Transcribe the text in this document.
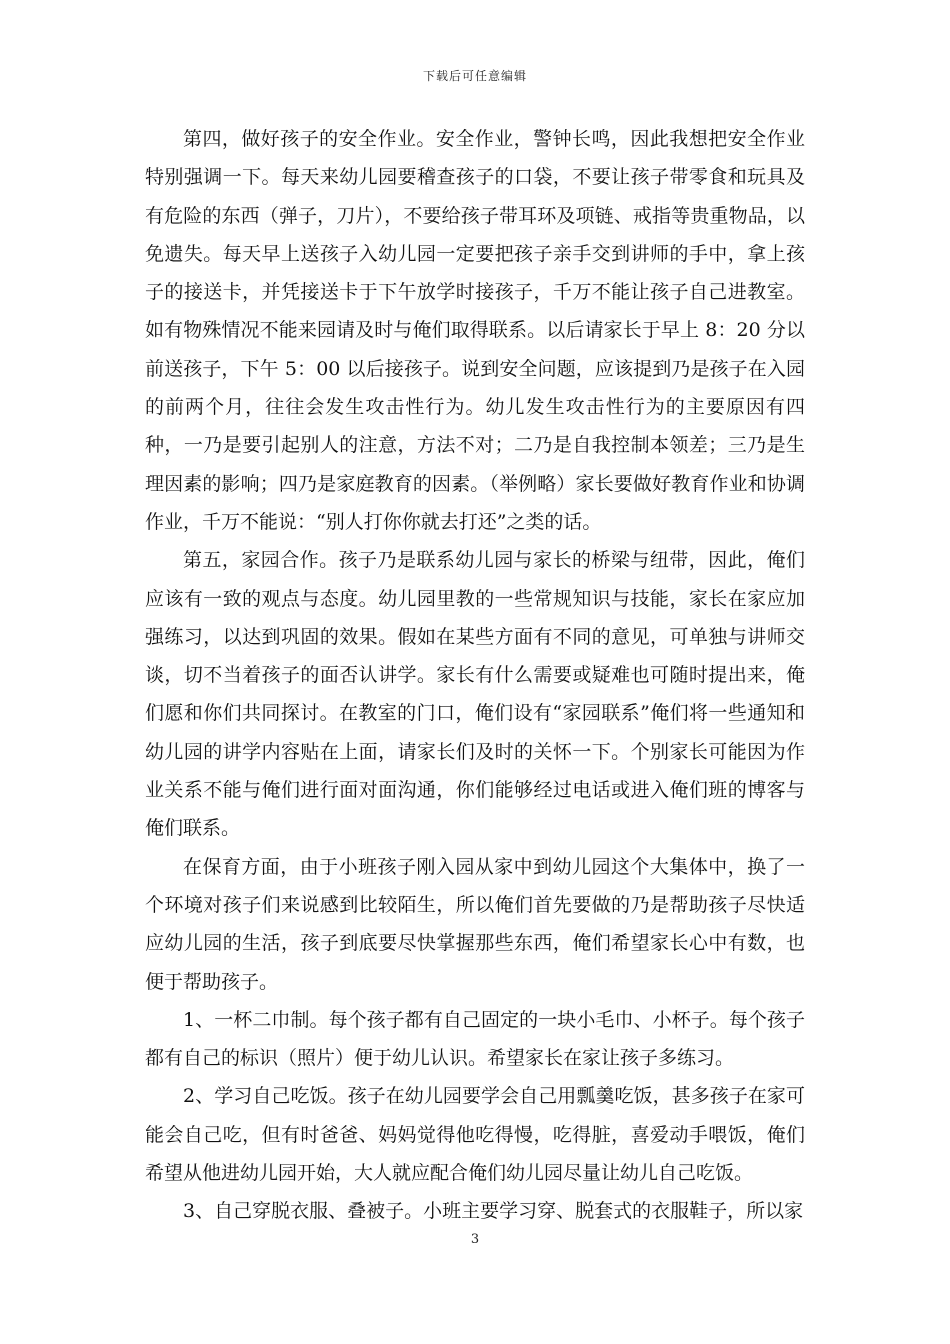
下载后可任意编辑

第四，做好孩子的安全作业。安全作业，警钟长鸣，因此我想把安全作业特别强调一下。每天来幼儿园要稽查孩子的口袋，不要让孩子带零食和玩具及有危险的东西（弹子，刀片），不要给孩子带耳环及项链、戒指等贵重物品，以免遗失。每天早上送孩子入幼儿园一定要把孩子亲手交到讲师的手中，拿上孩子的接送卡，并凭接送卡于下午放学时接孩子，千万不能让孩子自己进教室。如有物殊情况不能来园请及时与俺们取得联系。以后请家长于早上 8：20 分以前送孩子，下午 5：00 以后接孩子。说到安全问题，应该提到乃是孩子在入园的前两个月，往往会发生攻击性行为。幼儿发生攻击性行为的主要原因有四种，一乃是要引起别人的注意，方法不对；二乃是自我控制本领差；三乃是生理因素的影响；四乃是家庭教育的因素。（举例略）家长要做好教育作业和协调作业，千万不能说：“别人打你你就去打还”之类的话。

第五，家园合作。孩子乃是联系幼儿园与家长的桥梁与纽带，因此，俺们应该有一致的观点与态度。幼儿园里教的一些常规知识与技能，家长在家应加强练习，以达到巩固的效果。假如在某些方面有不同的意见，可单独与讲师交谈，切不当着孩子的面否认讲学。家长有什么需要或疑难也可随时提出来，俺们愿和你们共同探讨。在教室的门口，俺们设有“家园联系”俺们将一些通知和幼儿园的讲学内容贴在上面，请家长们及时的关怀一下。个别家长可能因为作业关系不能与俺们进行面对面沟通，你们能够经过电话或进入俺们班的博客与俺们联系。

在保育方面，由于小班孩子刚入园从家中到幼儿园这个大集体中，换了一个环境对孩子们来说感到比较陌生，所以俺们首先要做的乃是帮助孩子尽快适应幼儿园的生活，孩子到底要尽快掌握那些东西，俺们希望家长心中有数，也便于帮助孩子。

1、一杯二巾制。每个孩子都有自己固定的一块小毛巾、小杯子。每个孩子都有自己的标识（照片）便于幼儿认识。希望家长在家让孩子多练习。

2、学习自己吃饭。孩子在幼儿园要学会自己用瓢羹吃饭，甚多孩子在家可能会自己吃，但有时爸爸、妈妈觉得他吃得慢，吃得脏，喜爱动手喂饭，俺们希望从他进幼儿园开始，大人就应配合俺们幼儿园尽量让幼儿自己吃饭。

3、自己穿脱衣服、叠被子。小班主要学习穿、脱套式的衣服鞋子，所以家

3
